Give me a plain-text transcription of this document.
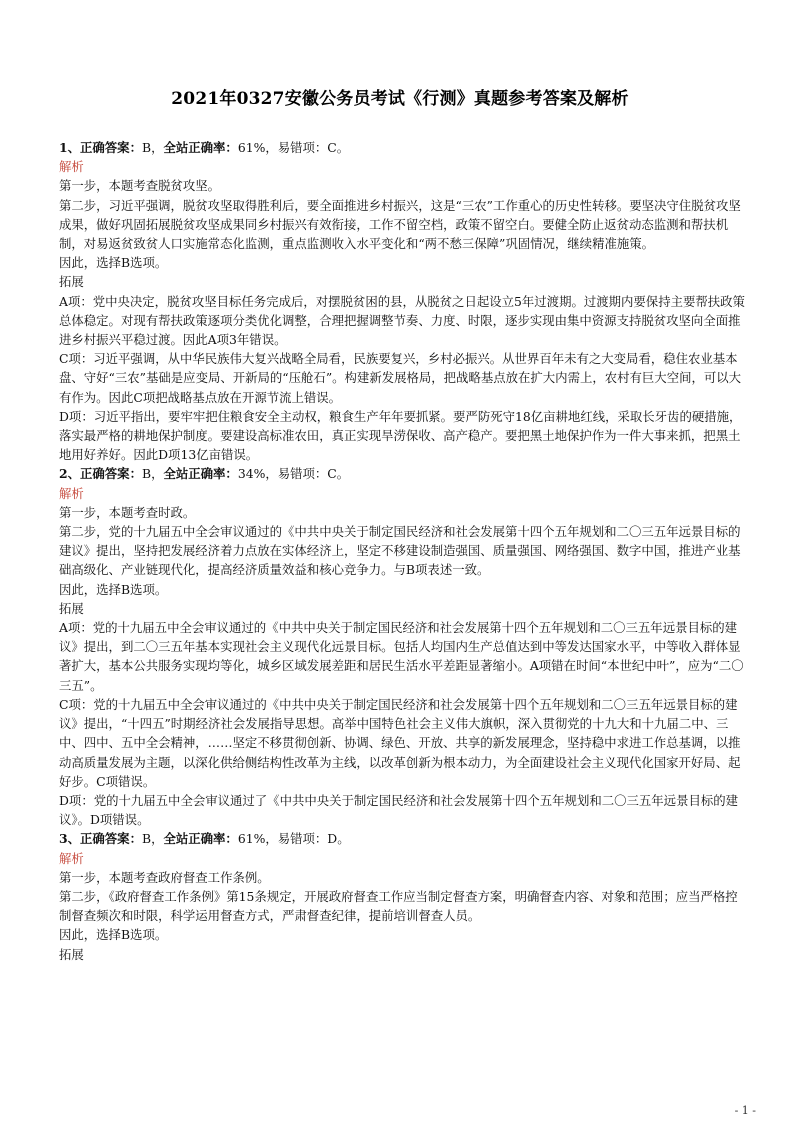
2021年0327安徽公务员考试《行测》真题参考答案及解析

1、正确答案：B，全站正确率：61%，易错项：C。

解析

第一步，本题考查脱贫攻坚。

第二步，习近平强调，脱贫攻坚取得胜利后，要全面推进乡村振兴，这是“三农”工作重心的历史性转移。要坚决守住脱贫攻坚成果，做好巩固拓展脱贫攻坚成果同乡村振兴有效衔接，工作不留空档，政策不留空白。要健全防止返贫动态监测和帮扶机制，对易返贫致贫人口实施常态化监测，重点监测收入水平变化和“两不愁三保障”巩固情况，继续精准施策。

因此，选择B选项。

拓展

A项：党中央决定，脱贫攻坚目标任务完成后，对摆脱贫困的县，从脱贫之日起设立5年过渡期。过渡期内要保持主要帮扶政策总体稳定。对现有帮扶政策逐项分类优化调整，合理把握调整节奏、力度、时限，逐步实现由集中资源支持脱贫攻坚向全面推进乡村振兴平稳过渡。因此A项3年错误。

C项：习近平强调，从中华民族伟大复兴战略全局看，民族要复兴，乡村必振兴。从世界百年未有之大变局看，稳住农业基本盘、守好“三农”基础是应变局、开新局的“压舱石”。构建新发展格局，把战略基点放在扩大内需上，农村有巨大空间，可以大有作为。因此C项把战略基点放在开源节流上错误。

D项：习近平指出，要牢牢把住粮食安全主动权，粮食生产年年要抓紧。要严防死守18亿亩耕地红线，采取长牙齿的硬措施，落实最严格的耕地保护制度。要建设高标准农田，真正实现旱涝保收、高产稳产。要把黑土地保护作为一件大事来抓，把黑土地用好养好。因此D项13亿亩错误。

2、正确答案：B，全站正确率：34%，易错项：C。

解析

第一步，本题考查时政。

第二步，党的十九届五中全会审议通过的《中共中央关于制定国民经济和社会发展第十四个五年规划和二〇三五年远景目标的建议》提出，坚持把发展经济着力点放在实体经济上，坚定不移建设制造强国、质量强国、网络强国、数字中国，推进产业基础高级化、产业链现代化，提高经济质量效益和核心竞争力。与B项表述一致。

因此，选择B选项。

拓展

A项：党的十九届五中全会审议通过的《中共中央关于制定国民经济和社会发展第十四个五年规划和二〇三五年远景目标的建议》提出，到二〇三五年基本实现社会主义现代化远景目标。包括人均国内生产总值达到中等发达国家水平，中等收入群体显著扩大，基本公共服务实现均等化，城乡区域发展差距和居民生活水平差距显著缩小。A项错在时间“本世纪中叶”，应为“二〇三五”。

C项：党的十九届五中全会审议通过的《中共中央关于制定国民经济和社会发展第十四个五年规划和二〇三五年远景目标的建议》提出，“十四五”时期经济社会发展指导思想。高举中国特色社会主义伟大旗帜，深入贯彻党的十九大和十九届二中、三中、四中、五中全会精神，……坚定不移贯彻创新、协调、绿色、开放、共享的新发展理念，坚持稳中求进工作总基调，以推动高质量发展为主题，以深化供给侧结构性改革为主线，以改革创新为根本动力，为全面建设社会主义现代化国家开好局、起好步。C项错误。

D项：党的十九届五中全会审议通过了《中共中央关于制定国民经济和社会发展第十四个五年规划和二〇三五年远景目标的建议》。D项错误。

3、正确答案：B，全站正确率：61%，易错项：D。

解析

第一步，本题考查政府督查工作条例。

第二步，《政府督查工作条例》第15条规定，开展政府督查工作应当制定督查方案，明确督查内容、对象和范围；应当严格控制督查频次和时限，科学运用督查方式，严肃督查纪律，提前培训督查人员。

因此，选择B选项。

拓展

- 1 -
